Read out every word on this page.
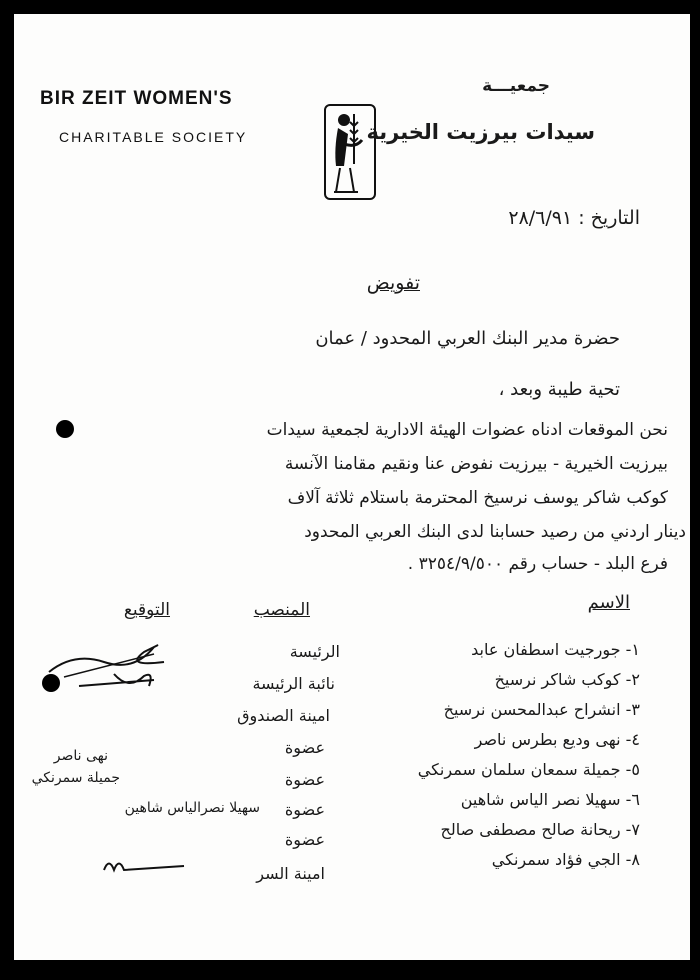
BIR ZEIT WOMEN'S
CHARITABLE SOCIETY
جمعيـــة
سيدات بيرزيت الخيرية
التاريخ : ٢٨/٦/٩١
تفويض
حضرة مدير البنك العربي المحدود / عمان
تحية طيبة وبعد ،
نحن الموقعات ادناه عضوات الهيئة الادارية لجمعية سيدات
بيرزيت الخيرية - بيرزيت نفوض عنا ونقيم مقامنا الآنسة
كوكب شاكر يوسف نرسيخ المحترمة باستلام ثلاثة آلاف
دينار اردني من رصيد حسابنا لدى البنك العربي المحدود
فرع البلد - حساب رقم ٣٢٥٤/٩/٥٠٠ .
الاسم
المنصب
التوقيع
١- جورجيت اسطفان عابد
٢- كوكب شاكر نرسيخ
٣- انشراح عبدالمحسن نرسيخ
٤- نهى وديع بطرس ناصر
٥- جميلة سمعان سلمان سمرنكي
٦- سهيلا نصر الياس شاهين
٧- ريحانة صالح مصطفى صالح
٨- الجي فؤاد سمرنكي
الرئيسة
نائبة الرئيسة
امينة الصندوق
عضوة
عضوة
عضوة
عضوة
امينة السر
نهى ناصر
جميلة سمرنكي
سهيلا نصرالياس شاهين
